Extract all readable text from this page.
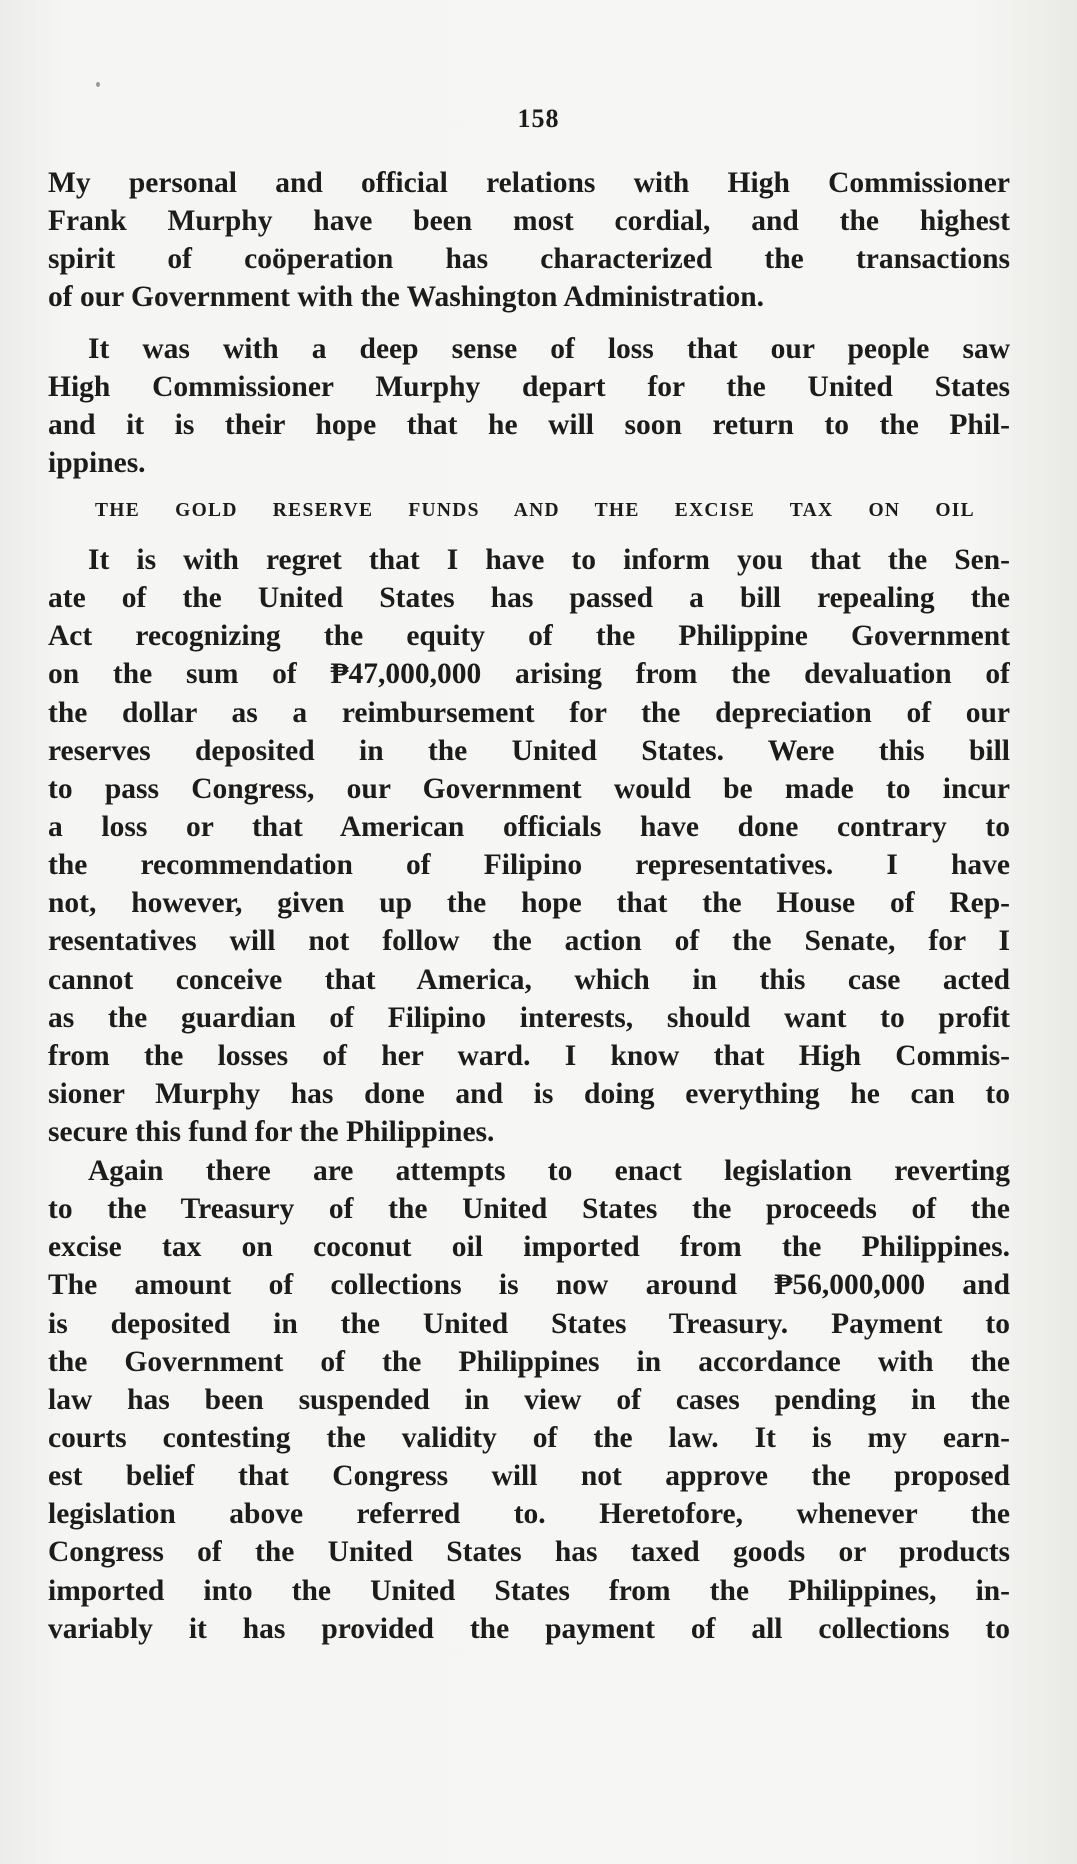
158
My personal and official relations with High Commissioner
Frank Murphy have been most cordial, and the highest
spirit of coöperation has characterized the transactions
of our Government with the Washington Administration.
It was with a deep sense of loss that our people saw
High Commissioner Murphy depart for the United States
and it is their hope that he will soon return to the Phil-
ippines.
THE GOLD RESERVE FUNDS AND THE EXCISE TAX ON OIL
It is with regret that I have to inform you that the Sen-
ate of the United States has passed a bill repealing the
Act recognizing the equity of the Philippine Government
on the sum of ₱47,000,000 arising from the devaluation of
the dollar as a reimbursement for the depreciation of our
reserves deposited in the United States. Were this bill
to pass Congress, our Government would be made to incur
a loss or that American officials have done contrary to
the recommendation of Filipino representatives. I have
not, however, given up the hope that the House of Rep-
resentatives will not follow the action of the Senate, for I
cannot conceive that America, which in this case acted
as the guardian of Filipino interests, should want to profit
from the losses of her ward. I know that High Commis-
sioner Murphy has done and is doing everything he can to
secure this fund for the Philippines.
Again there are attempts to enact legislation reverting
to the Treasury of the United States the proceeds of the
excise tax on coconut oil imported from the Philippines.
The amount of collections is now around ₱56,000,000 and
is deposited in the United States Treasury. Payment to
the Government of the Philippines in accordance with the
law has been suspended in view of cases pending in the
courts contesting the validity of the law. It is my earn-
est belief that Congress will not approve the proposed
legislation above referred to. Heretofore, whenever the
Congress of the United States has taxed goods or products
imported into the United States from the Philippines, in-
variably it has provided the payment of all collections to
